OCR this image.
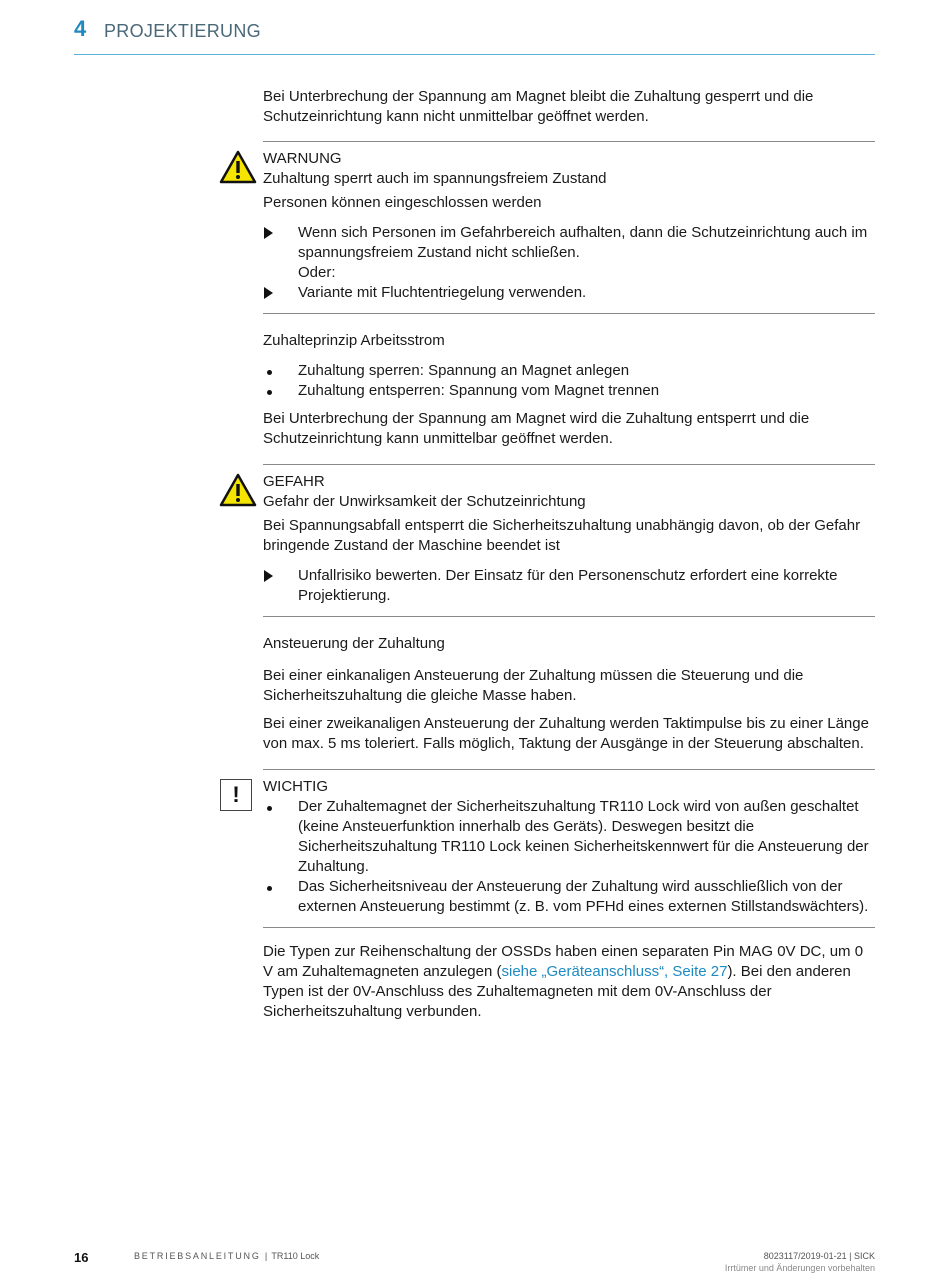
4 PROJEKTIERUNG

Bei Unterbrechung der Spannung am Magnet bleibt die Zuhaltung gesperrt und die Schutzeinrichtung kann nicht unmittelbar geöffnet werden.

WARNUNG

Zuhaltung sperrt auch im spannungsfreiem Zustand

Personen können eingeschlossen werden

Wenn sich Personen im Gefahrbereich aufhalten, dann die Schutzeinrichtung auch im spannungsfreiem Zustand nicht schließen.
Oder:
Variante mit Fluchtentriegelung verwenden.

Zuhalteprinzip Arbeitsstrom

Zuhaltung sperren: Spannung an Magnet anlegen
Zuhaltung entsperren: Spannung vom Magnet trennen

Bei Unterbrechung der Spannung am Magnet wird die Zuhaltung entsperrt und die Schutzeinrichtung kann unmittelbar geöffnet werden.

GEFAHR

Gefahr der Unwirksamkeit der Schutzeinrichtung

Bei Spannungsabfall entsperrt die Sicherheitszuhaltung unabhängig davon, ob der Gefahr bringende Zustand der Maschine beendet ist

Unfallrisiko bewerten. Der Einsatz für den Personenschutz erfordert eine korrekte Projektierung.

Ansteuerung der Zuhaltung

Bei einer einkanaligen Ansteuerung der Zuhaltung müssen die Steuerung und die Sicherheitszuhaltung die gleiche Masse haben.

Bei einer zweikanaligen Ansteuerung der Zuhaltung werden Taktimpulse bis zu einer Länge von max. 5 ms toleriert. Falls möglich, Taktung der Ausgänge in der Steuerung abschalten.

!	WICHTIG

Der Zuhaltemagnet der Sicherheitszuhaltung TR110 Lock wird von außen geschaltet (keine Ansteuerfunktion innerhalb des Geräts). Deswegen besitzt die Sicherheitszuhaltung TR110 Lock keinen Sicherheitskennwert für die Ansteuerung der Zuhaltung.
Das Sicherheitsniveau der Ansteuerung der Zuhaltung wird ausschließlich von der externen Ansteuerung bestimmt (z. B. vom PFHd eines externen Stillstandswächters).

Die Typen zur Reihenschaltung der OSSDs haben einen separaten Pin MAG 0V DC, um 0 V am Zuhaltemagneten anzulegen (siehe „Geräteanschluss“, Seite 27). Bei den anderen Typen ist der 0V-Anschluss des Zuhaltemagneten mit dem 0V-Anschluss der Sicherheitszuhaltung verbunden.

16	BETRIEBSANLEITUNG | TR110 Lock	8023117/2019-01-21 | SICK
Irrtümer und Änderungen vorbehalten
